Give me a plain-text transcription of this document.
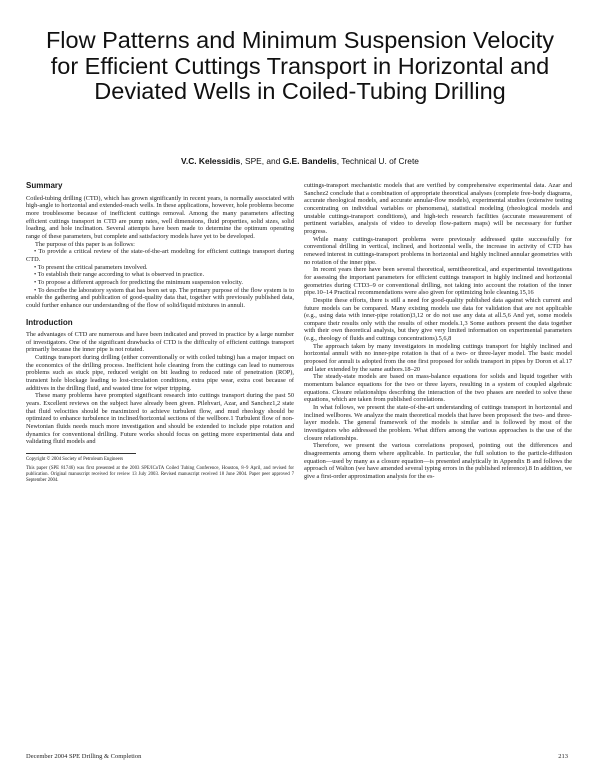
Flow Patterns and Minimum Suspension Velocity for Efficient Cuttings Transport in Horizontal and Deviated Wells in Coiled-Tubing Drilling
V.C. Kelessidis, SPE, and G.E. Bandelis, Technical U. of Crete
Summary

Coiled-tubing drilling (CTD), which has grown significantly in recent years, is normally associated with high-angle to horizontal and extended-reach wells. In these applications, however, hole problems become more troublesome because of inefficient cuttings removal. Among the many parameters affecting efficient cuttings transport in CTD are pump rates, well dimensions, fluid properties, solid sizes, solid loading, and hole inclination. Several attempts have been made to determine the optimum operating range of these parameters, but complete and satisfactory models have yet to be developed.

The purpose of this paper is as follows:

• To provide a critical review of the state-of-the-art modeling for efficient cuttings transport during CTD.

• To present the critical parameters involved.

• To establish their range according to what is observed in practice.

• To propose a different approach for predicting the minimum suspension velocity.

• To describe the laboratory system that has been set up. The primary purpose of the flow system is to enable the gathering and publication of good-quality data that, together with previously published data, could further enhance our understanding of the flow of solid/liquid mixtures in annuli.

Introduction

The advantages of CTD are numerous and have been indicated and proved in practice by a large number of investigators. One of the significant drawbacks of CTD is the difficulty of efficient cuttings transport primarily because the inner pipe is not rotated.

Cuttings transport during drilling (either conventionally or with coiled tubing) has a major impact on the economics of the drilling process. Inefficient hole cleaning from the cuttings can lead to numerous problems such as stuck pipe, reduced weight on bit leading to reduced rate of penetration (ROP), transient hole blockage leading to lost-circulation conditions, extra pipe wear, extra cost because of additives in the drilling fluid, and wasted time for wiper tripping.

These many problems have prompted significant research into cuttings transport during the past 50 years. Excellent reviews on the subject have already been given. Pilehvari, Azar, and Sanchez1,2 state that fluid velocities should be maximized to achieve turbulent flow, and mud rheology should be optimized to enhance turbulence in inclined/horizontal sections of the wellbore.1 Turbulent flow of non-Newtonian fluids needs much more investigation and should be extended to include pipe rotation and dynamics for conventional drilling. Future works should focus on getting more experimental data and validating fluid models and

Copyright © 2004 Society of Petroleum Engineers

This paper (SPE 81746) was first presented at the 2003 SPE/ICoTA Coiled Tubing Conference, Houston, 8–9 April, and revised for publication. Original manuscript received for review 13 July 2003. Revised manuscript received 18 June 2004. Paper peer approved 7 September 2004.

cuttings-transport mechanistic models that are verified by comprehensive experimental data. Azar and Sanchez2 conclude that a combination of appropriate theoretical analyses (complete free-body diagrams, accurate rheological models, and accurate annular-flow models), experimental studies (extensive testing concentrating on individual variables or phenomena), statistical modeling (rheological models and unstable cuttings-transport conditions), and high-tech research facilities (accurate measurement of pertinent variables, analysis of video to develop flow-pattern maps) will be necessary for further progress.

While many cuttings-transport problems were previously addressed quite successfully for conventional drilling in vertical, inclined, and horizontal wells, the increase in activity of CTD has renewed interest in cuttings-transport problems in horizontal and highly inclined annular geometries with no rotation of the inner pipe.

In recent years there have been several theoretical, semitheoretical, and experimental investigations for assessing the important parameters for efficient cuttings transport in highly inclined and horizontal geometries during CTD3–9 or conventional drilling, not taking into account the rotation of the inner pipe.10–14 Practical recommendations were also given for optimizing hole cleaning.15,16

Despite these efforts, there is still a need for good-quality published data against which current and future models can be compared. Many existing models use data for validation that are not applicable (e.g., using data with inner-pipe rotation)3,12 or do not use any data at all.5,6 And yet, some models compare their results only with the results of other models.1,3 Some authors present the data together with their own theoretical analysis, but they give very limited information on experimental parameters (e.g., rheology of fluids and cuttings concentrations).5,6,8

The approach taken by many investigators in modeling cuttings transport for highly inclined and horizontal annuli with no inner-pipe rotation is that of a two- or three-layer model. The basic model proposed for annuli is adopted from the one first proposed for solids transport in pipes by Doron et al.17 and later extended by the same authors.18–20

The steady-state models are based on mass-balance equations for solids and liquid together with momentum balance equations for the two or three layers, resulting in a system of coupled algebraic equations. Closure relationships describing the interaction of the two phases are needed to solve these equations, which are taken from published correlations.

In what follows, we present the state-of-the-art understanding of cuttings transport in horizontal and inclined wellbores. We analyze the main theoretical models that have been proposed: the two- and three-layer models. The general framework of the models is similar and is followed by most of the investigators who addressed the problem. What differs among the various approaches is the use of the closure relationships.

Therefore, we present the various correlations proposed, pointing out the differences and disagreements among them where applicable. In particular, the full solution to the particle-diffusion equation—used by many as a closure equation—is presented analytically in Appendix B and follows the approach of Walton (we have amended several typing errors in the published reference).8 In addition, we give a first-order approximation analysis for the es-

December 2004 SPE Drilling & Completion	213
